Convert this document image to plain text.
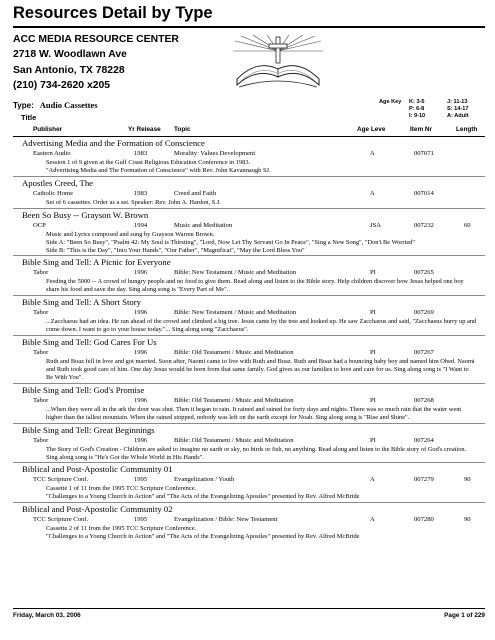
Resources Detail by Type
ACC MEDIA RESOURCE CENTER
2718 W. Woodlawn Ave
San Antonio, TX 78228
(210) 734-2620 x205
Type: Audio Cassettes
Title
Age Key K: 3-5
P: 6-8
I: 9-10
J: 11-13
S: 14-17
A: Adult
Publisher	Yr Release Topic	Age Leve	Item Nr	Length
Advertising Media and the Formation of Conscience
Eastern Audio	1983	Morality: Values Development	A	007071
Session 1 of 9 given at the Gulf Coast Religious Education Conference in 1983.
"Advertising Media and The Formation of Conscience" with Rev. John Kavannaugh SJ.
Apostles Creed, The
Catholic Home	1983	Creed and Faith	A	007014
Set of 6 cassettes. Order as a set. Speaker: Rev. John A. Hardon, S.J.
Been So Busy -- Grayson W. Brown
OCP	1994	Music and Meditation	JSA	007232	60
Music and Lyrics composed and sung by Grayson Warren Brown.
Side A: "Been So Busy", "Psalm 42: My Soul is Thirsting", "Lord, Now Let Thy Servant Go In Peace", "Sing a New Song", "Don't Be Worried"
Side B: "This is the Day", "Into Your Hands", "Our Father", "Magnificat", "May the Lord Bless You"
Bible Sing and Tell: A Picnic for Everyone
Tabor	1996	Bible: New Testament / Music and Meditation	PI	007265
Feeding the 5000 -- A crowd of hungry people and no food to give them. Read along and listen to the Bible story. Help children discover how Jesus helped one boy share his food and save the day. Sing along song is "Every Part of Me".
Bible Sing and Tell: A Short Story
Tabor	1996	Bible: New Testament / Music and Meditation	PI	007269
...Zacchaeus had an idea. He ran ahead of the crowd and climbed a big tree. Jesus came by the tree and looked up. He saw Zacchaeus and said, "Zacchaeus hurry up and come down. I want to go to your house today."... Sing along song "Zacchaeus".
Bible Sing and Tell: God Cares For Us
Tabor	1996	Bible: Old Testament / Music and Meditation	PI	007267
Ruth and Boaz fell in love and got married. Soon after, Naomi came to live with Ruth and Boaz. Ruth and Boaz had a bouncing baby boy and named him Obed. Naomi and Ruth took good care of him. One day Jesus would be born from that same family. God gives us our families to love and care for us. Sing along song is "I Want to Be With You".
Bible Sing and Tell: God's Promise
Tabor	1996	Bible: Old Testament / Music and Meditation	PI	007268
...When they were all in the ark the door was shut. Then it began to rain. It rained and rained for forty days and nights. There was so much rain that the water went higher than the tallest mountain. When the rained stopped, nobody was left on the earth except for Noah. Sing along song is "Rise and Shine".
Bible Sing and Tell: Great Beginnings
Tabor	1996	Bible: Old Testament / Music and Meditation	PI	007264
The Story of God's Creation - Children are asked to imagine no earth or sky, no birds or fish, no anything. Read along and listen to the Bible story of God's creation. Sing along song is "He's Got the Whole World in His Hands".
Biblical and Post-Apostolic Community 01
TCC Scripture Conf.	1995	Evangelization / Youth	A	007279	90
Cassette 1 of 11 from the 1995 TCC Scripture Conference.
"Challenges to a Young Church in Action" and "The Acts of the Evangelizing Apostles" presented by Rev. Alfred McBride
Biblical and Post-Apostolic Community 02
TCC Scripture Conf.	1995	Evangelization / Bible: New Testament	A	007280	90
Cassette 2 of 11 from the 1995 TCC Scripture Conference.
"Challenges to a Young Church in Action" and "The Acts of the Evangelizing Apostles" presented by Rev. Alfred McBride
Friday, March 03, 2006	Page 1 of 229
